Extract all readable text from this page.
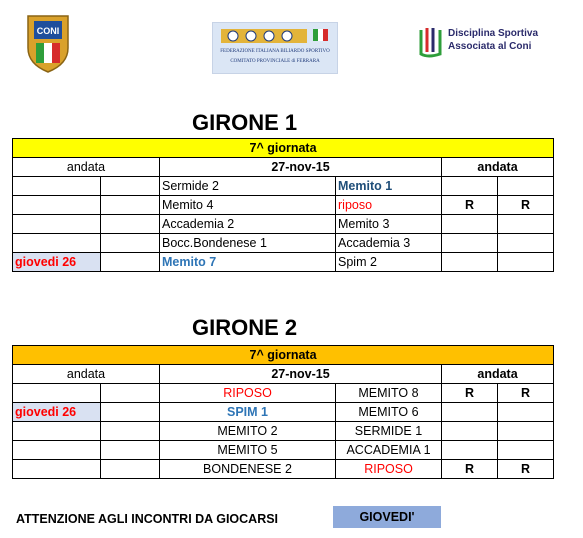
CONI
FEDERAZIONE ITALIANA BILIARDO SPORTIVO
COMITATO PROVINCIALE di FERRARA
Disciplina Sportiva
Associata al Coni
GIRONE 1
7^ giornata					
andata		27-nov-15		andata	
		Sermide 2	Memito 1		
		Memito 4	riposo	R	R
		Accademia 2	Memito 3		
		Bocc.Bondenese 1	Accademia 3		
giovedi 26		Memito 7	Spim 2		
GIRONE 2
7^ giornata					
andata		27-nov-15		andata	
		RIPOSO	MEMITO 8	R	R
giovedi 26		SPIM 1	MEMITO 6		
		MEMITO 2	SERMIDE 1		
		MEMITO 5	ACCADEMIA 1		
		BONDENESE 2	RIPOSO	R	R
ATTENZIONE AGLI INCONTRI DA GIOCARSI	GIOVEDI'
